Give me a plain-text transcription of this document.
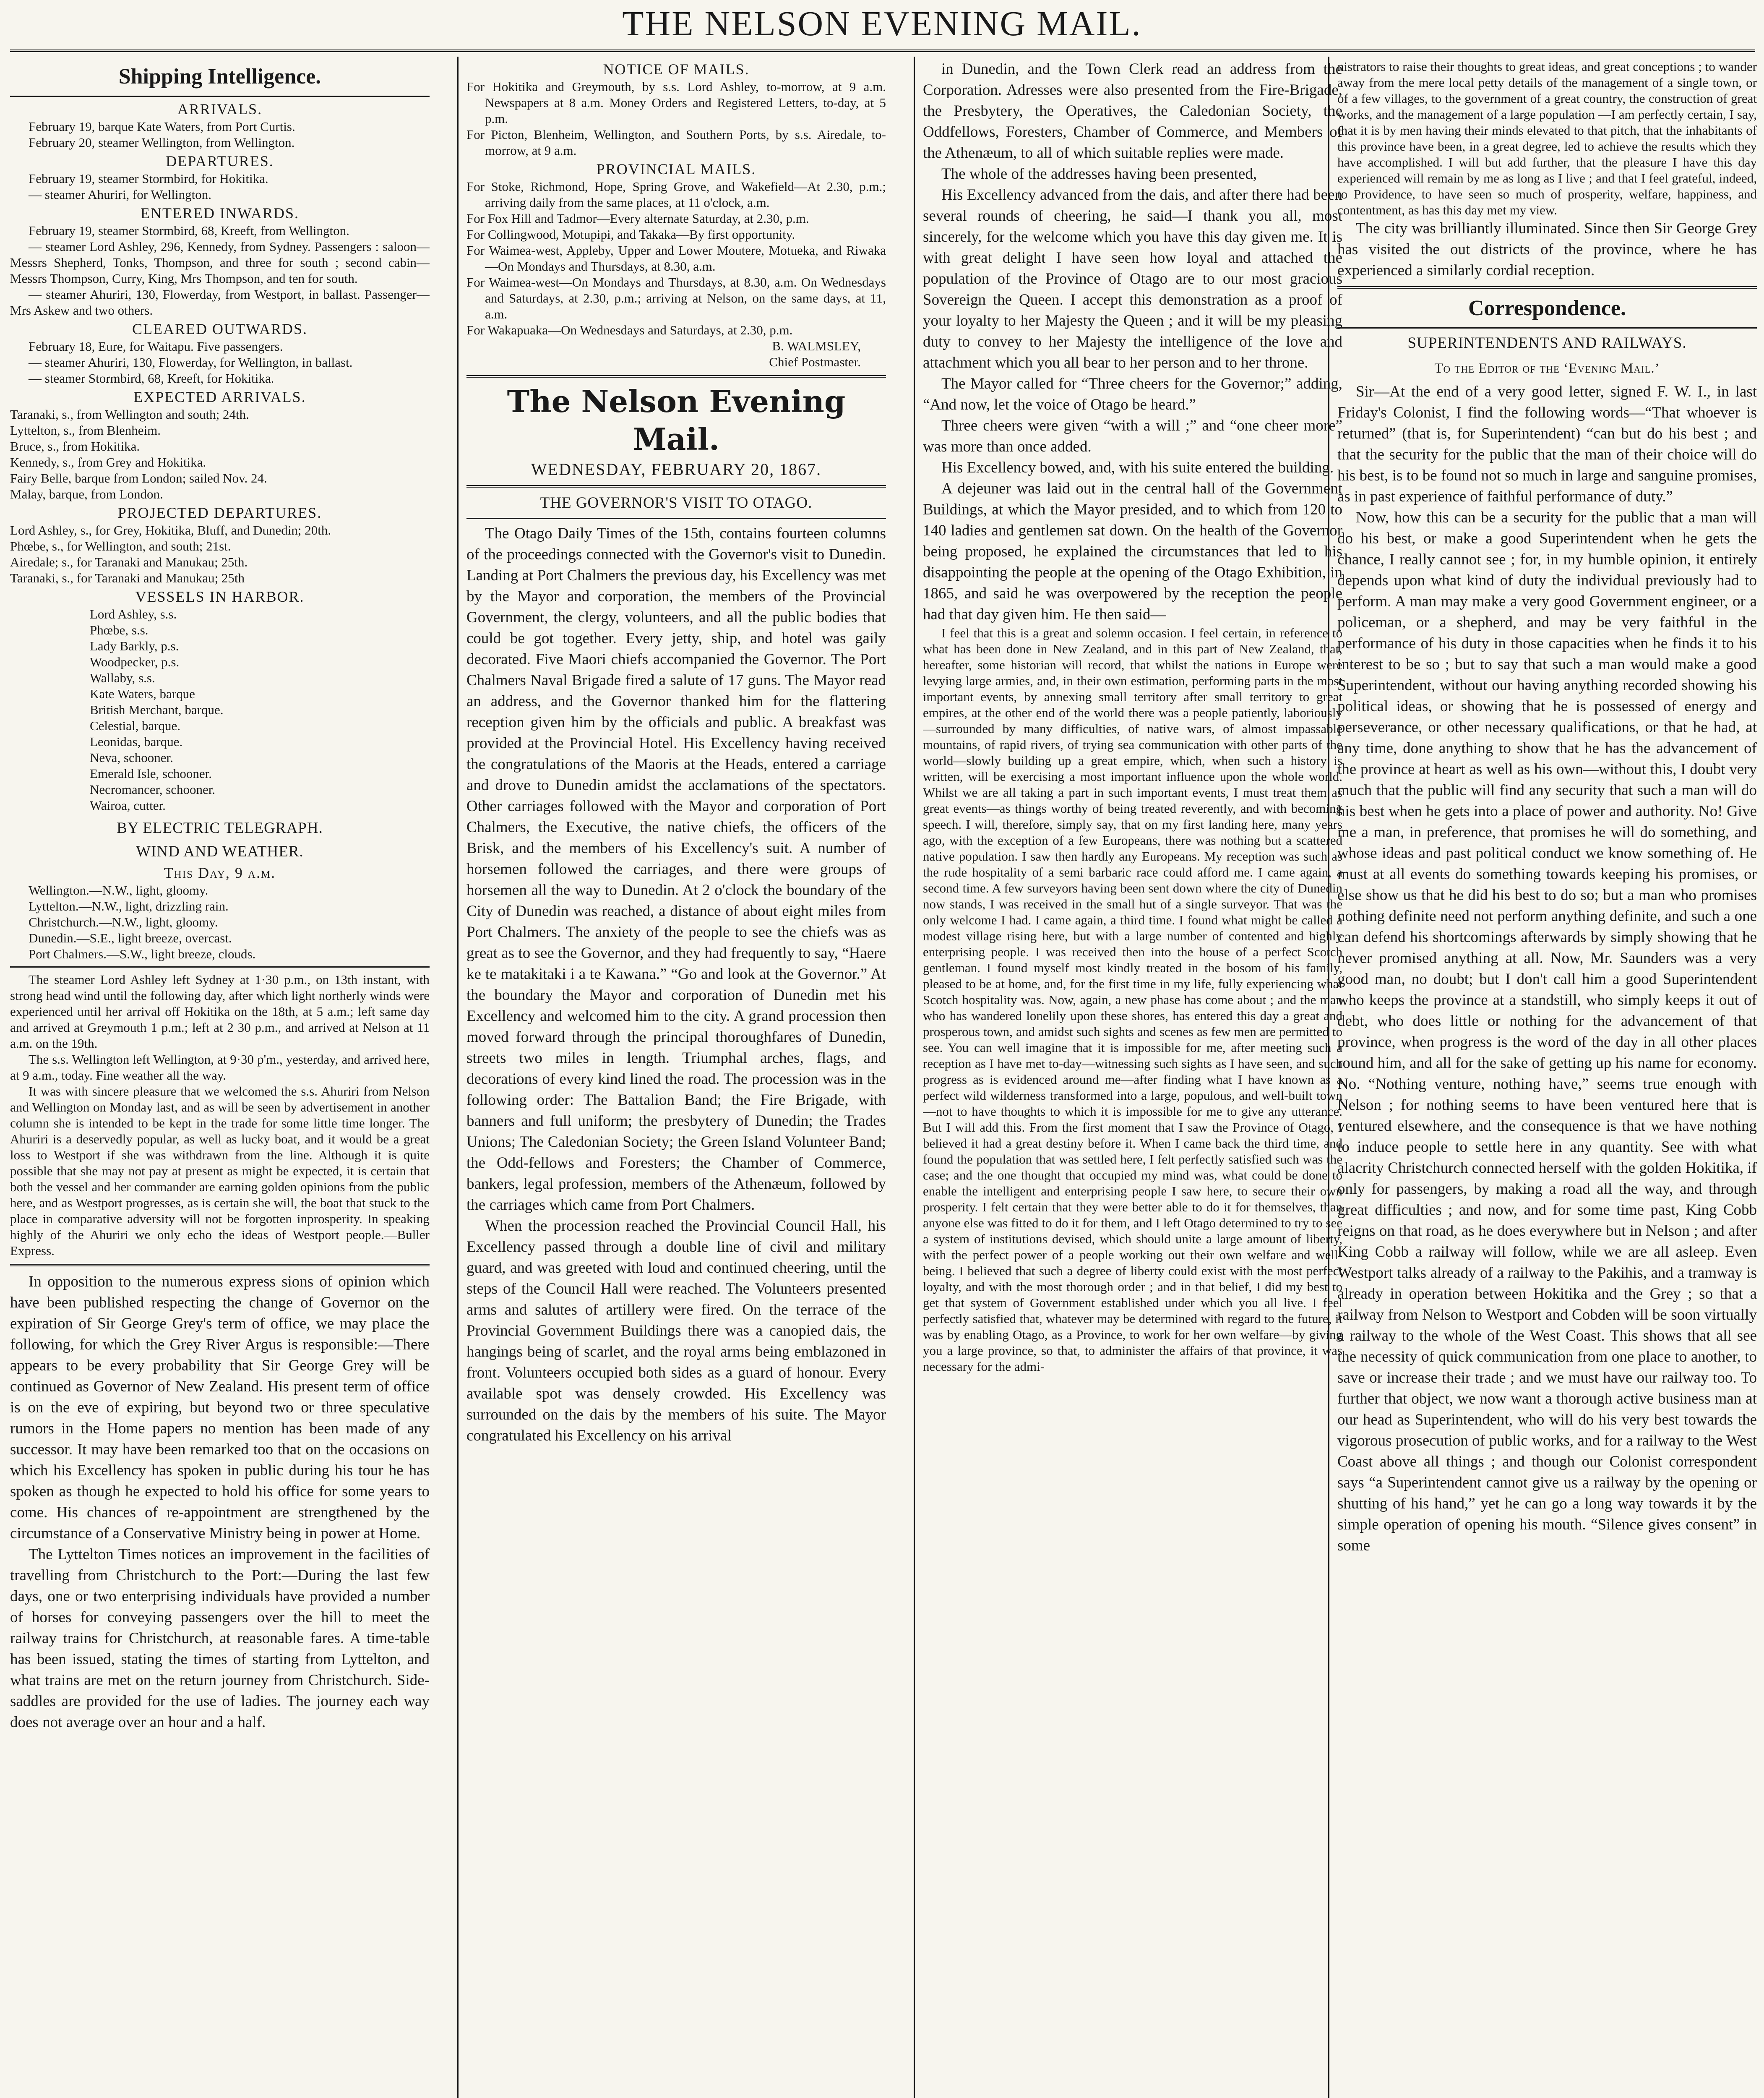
THE NELSON EVENING MAIL.
Shipping Intelligence.
ARRIVALS.

February 19, barque Kate Waters, from Port Curtis.

February 20, steamer Wellington, from Wellington.

DEPARTURES.

February 19, steamer Stormbird, for Hokitika.

— steamer Ahuriri, for Wellington.

ENTERED INWARDS.

February 19, steamer Stormbird, 68, Kreeft, from Wellington.

— steamer Lord Ashley, 296, Kennedy, from Sydney. Passengers : saloon—Messrs Shepherd, Tonks, Thompson, and three for south ; second cabin—Messrs Thompson, Curry, King, Mrs Thompson, and ten for south.

— steamer Ahuriri, 130, Flowerday, from Westport, in ballast. Passenger—Mrs Askew and two others.

CLEARED OUTWARDS.

February 18, Eure, for Waitapu. Five passengers.

— steamer Ahuriri, 130, Flowerday, for Wellington, in ballast.

— steamer Stormbird, 68, Kreeft, for Hokitika.

EXPECTED ARRIVALS.

Taranaki, s., from Wellington and south; 24th.

Lyttelton, s., from Blenheim.

Bruce, s., from Hokitika.

Kennedy, s., from Grey and Hokitika.

Fairy Belle, barque from London; sailed Nov. 24.

Malay, barque, from London.

PROJECTED DEPARTURES.

Lord Ashley, s., for Grey, Hokitika, Bluff, and Dunedin; 20th.

Phœbe, s., for Wellington, and south; 21st.

Airedale; s., for Taranaki and Manukau; 25th.

Taranaki, s., for Taranaki and Manukau; 25th

VESSELS IN HARBOR.
Lord Ashley, s.s.
Phœbe, s.s.
Lady Barkly, p.s.
Woodpecker, p.s.
Wallaby, s.s.
Kate Waters, barque
British Merchant, barque.
Celestial, barque.
Leonidas, barque.
Neva, schooner.
Emerald Isle, schooner.
Necromancer, schooner.
Wairoa, cutter.
BY ELECTRIC TELEGRAPH.
WIND AND WEATHER.
This Day, 9 a.m.

Wellington.—N.W., light, gloomy.

Lyttelton.—N.W., light, drizzling rain.

Christchurch.—N.W., light, gloomy.

Dunedin.—S.E., light breeze, overcast.

Port Chalmers.—S.W., light breeze, clouds.

The steamer Lord Ashley left Sydney at 1·30 p.m., on 13th instant, with strong head wind until the following day, after which light northerly winds were experienced until her arrival off Hokitika on the 18th, at 5 a.m.; left same day and arrived at Greymouth 1 p.m.; left at 2 30 p.m., and arrived at Nelson at 11 a.m. on the 19th.

The s.s. Wellington left Wellington, at 9·30 p'm., yesterday, and arrived here, at 9 a.m., today. Fine weather all the way.

It was with sincere pleasure that we welcomed the s.s. Ahuriri from Nelson and Wellington on Monday last, and as will be seen by advertisement in another column she is intended to be kept in the trade for some little time longer. The Ahuriri is a deservedly popular, as well as lucky boat, and it would be a great loss to Westport if she was withdrawn from the line. Although it is quite possible that she may not pay at present as might be expected, it is certain that both the vessel and her commander are earning golden opinions from the public here, and as Westport progresses, as is certain she will, the boat that stuck to the place in comparative adversity will not be forgotten inprosperity. In speaking highly of the Ahuriri we only echo the ideas of Westport people.—Buller Express.

In opposition to the numerous express sions of opinion which have been published respecting the change of Governor on the expiration of Sir George Grey's term of office, we may place the following, for which the Grey River Argus is responsible:—There appears to be every probability that Sir George Grey will be continued as Governor of New Zealand. His present term of office is on the eve of expiring, but beyond two or three speculative rumors in the Home papers no mention has been made of any successor. It may have been remarked too that on the occasions on which his Excellency has spoken in public during his tour he has spoken as though he expected to hold his office for some years to come. His chances of re-appointment are strengthened by the circumstance of a Conservative Ministry being in power at Home.

The Lyttelton Times notices an improvement in the facilities of travelling from Christchurch to the Port:—During the last few days, one or two enterprising individuals have provided a number of horses for conveying passengers over the hill to meet the railway trains for Christchurch, at reasonable fares. A time-table has been issued, stating the times of starting from Lyttelton, and what trains are met on the return journey from Christchurch. Side-saddles are provided for the use of ladies. The journey each way does not average over an hour and a half.

NOTICE OF MAILS.

For Hokitika and Greymouth, by s.s. Lord Ashley, to-morrow, at 9 a.m. Newspapers at 8 a.m. Money Orders and Registered Letters, to-day, at 5 p.m.

For Picton, Blenheim, Wellington, and Southern Ports, by s.s. Airedale, to-morrow, at 9 a.m.

PROVINCIAL MAILS.

For Stoke, Richmond, Hope, Spring Grove, and Wakefield—At 2.30, p.m.; arriving daily from the same places, at 11 o'clock, a.m.

For Fox Hill and Tadmor—Every alternate Saturday, at 2.30, p.m.

For Collingwood, Motupipi, and Takaka—By first opportunity.

For Waimea-west, Appleby, Upper and Lower Moutere, Motueka, and Riwaka—On Mondays and Thursdays, at 8.30, a.m.

For Waimea-west—On Mondays and Thursdays, at 8.30, a.m. On Wednesdays and Saturdays, at 2.30, p.m.; arriving at Nelson, on the same days, at 11, a.m.

For Wakapuaka—On Wednesdays and Saturdays, at 2.30, p.m.

B. WALMSLEY,
Chief Postmaster.
The Nelson Evening Mail.
WEDNESDAY, FEBRUARY 20, 1867.
THE GOVERNOR'S VISIT TO OTAGO.

The Otago Daily Times of the 15th, contains fourteen columns of the proceedings connected with the Governor's visit to Dunedin. Landing at Port Chalmers the previous day, his Excellency was met by the Mayor and corporation, the members of the Provincial Government, the clergy, volunteers, and all the public bodies that could be got together. Every jetty, ship, and hotel was gaily decorated. Five Maori chiefs accompanied the Governor. The Port Chalmers Naval Brigade fired a salute of 17 guns. The Mayor read an address, and the Governor thanked him for the flattering reception given him by the officials and public. A breakfast was provided at the Provincial Hotel. His Excellency having received the congratulations of the Maoris at the Heads, entered a carriage and drove to Dunedin amidst the acclamations of the spectators. Other carriages followed with the Mayor and corporation of Port Chalmers, the Executive, the native chiefs, the officers of the Brisk, and the members of his Excellency's suit. A number of horsemen followed the carriages, and there were groups of horsemen all the way to Dunedin. At 2 o'clock the boundary of the City of Dunedin was reached, a distance of about eight miles from Port Chalmers. The anxiety of the people to see the chiefs was as great as to see the Governor, and they had frequently to say, “Haere ke te matakitaki i a te Kawana.” “Go and look at the Governor.” At the boundary the Mayor and corporation of Dunedin met his Excellency and welcomed him to the city. A grand procession then moved forward through the principal thoroughfares of Dunedin, streets two miles in length. Triumphal arches, flags, and decorations of every kind lined the road. The procession was in the following order: The Battalion Band; the Fire Brigade, with banners and full uniform; the presbytery of Dunedin; the Trades Unions; The Caledonian Society; the Green Island Volunteer Band; the Odd-fellows and Foresters; the Chamber of Commerce, bankers, legal profession, members of the Athenæum, followed by the carriages which came from Port Chalmers.

When the procession reached the Provincial Council Hall, his Excellency passed through a double line of civil and military guard, and was greeted with loud and continued cheering, until the steps of the Council Hall were reached. The Volunteers presented arms and salutes of artillery were fired. On the terrace of the Provincial Government Buildings there was a canopied dais, the hangings being of scarlet, and the royal arms being emblazoned in front. Volunteers occupied both sides as a guard of honour. Every available spot was densely crowded. His Excellency was surrounded on the dais by the members of his suite. The Mayor congratulated his Excellency on his arrival

in Dunedin, and the Town Clerk read an address from the Corporation. Adresses were also presented from the Fire-Brigade, the Presbytery, the Operatives, the Caledonian Society, the Oddfellows, Foresters, Chamber of Commerce, and Members of the Athenæum, to all of which suitable replies were made.

The whole of the addresses having been presented,

His Excellency advanced from the dais, and after there had been several rounds of cheering, he said—I thank you all, most sincerely, for the welcome which you have this day given me. It is with great delight I have seen how loyal and attached the population of the Province of Otago are to our most gracious Sovereign the Queen. I accept this demonstration as a proof of your loyalty to her Majesty the Queen ; and it will be my pleasing duty to convey to her Majesty the intelligence of the love and attachment which you all bear to her person and to her throne.

The Mayor called for “Three cheers for the Governor;” adding, “And now, let the voice of Otago be heard.”

Three cheers were given “with a will ;” and “one cheer more” was more than once added.

His Excellency bowed, and, with his suite entered the building.

A dejeuner was laid out in the central hall of the Government Buildings, at which the Mayor presided, and to which from 120 to 140 ladies and gentlemen sat down. On the health of the Governor being proposed, he explained the circumstances that led to his disappointing the people at the opening of the Otago Exhibition, in 1865, and said he was overpowered by the reception the people had that day given him. He then said—

I feel that this is a great and solemn occasion. I feel certain, in reference to what has been done in New Zealand, and in this part of New Zealand, that, hereafter, some historian will record, that whilst the nations in Europe were levying large armies, and, in their own estimation, performing parts in the most important events, by annexing small territory after small territory to great empires, at the other end of the world there was a people patiently, laboriously—surrounded by many difficulties, of native wars, of almost impassable mountains, of rapid rivers, of trying sea communication with other parts of the world—slowly building up a great empire, which, when such a history is written, will be exercising a most important influence upon the whole world. Whilst we are all taking a part in such important events, I must treat them as great events—as things worthy of being treated reverently, and with becoming speech. I will, therefore, simply say, that on my first landing here, many years ago, with the exception of a few Europeans, there was nothing but a scattered native population. I saw then hardly any Europeans. My reception was such as the rude hospitality of a semi barbaric race could afford me. I came again, a second time. A few surveyors having been sent down where the city of Dunedin now stands, I was received in the small hut of a single surveyor. That was the only welcome I had. I came again, a third time. I found what might be called a modest village rising here, but with a large number of contented and highly enterprising people. I was received then into the house of a perfect Scotch gentleman. I found myself most kindly treated in the bosom of his family, pleased to be at home, and, for the first time in my life, fully experiencing what Scotch hospitality was. Now, again, a new phase has come about ; and the man who has wandered lonelily upon these shores, has entered this day a great and prosperous town, and amidst such sights and scenes as few men are permitted to see. You can well imagine that it is impossible for me, after meeting such a reception as I have met to-day—witnessing such sights as I have seen, and such progress as is evidenced around me—after finding what I have known as a perfect wild wilderness transformed into a large, populous, and well-built town—not to have thoughts to which it is impossible for me to give any utterance. But I will add this. From the first moment that I saw the Province of Otago, I believed it had a great destiny before it. When I came back the third time, and found the population that was settled here, I felt perfectly satisfied such was the case; and the one thought that occupied my mind was, what could be done to enable the intelligent and enterprising people I saw here, to secure their own prosperity. I felt certain that they were better able to do it for themselves, than anyone else was fitted to do it for them, and I left Otago determined to try to see a system of institutions devised, which should unite a large amount of liberty, with the perfect power of a people working out their own welfare and well-being. I believed that such a degree of liberty could exist with the most perfect loyalty, and with the most thorough order ; and in that belief, I did my best to get that system of Government established under which you all live. I feel perfectly satisfied that, whatever may be determined with regard to the future, it was by enabling Otago, as a Province, to work for her own welfare—by giving you a large province, so that, to administer the affairs of that province, it was necessary for the admi-

nistrators to raise their thoughts to great ideas, and great conceptions ; to wander away from the mere local petty details of the management of a single town, or of a few villages, to the government of a great country, the construction of great works, and the management of a large population —I am perfectly certain, I say, that it is by men having their minds elevated to that pitch, that the inhabitants of this province have been, in a great degree, led to achieve the results which they have accomplished. I will but add further, that the pleasure I have this day experienced will remain by me as long as I live ; and that I feel grateful, indeed, to Providence, to have seen so much of prosperity, welfare, happiness, and contentment, as has this day met my view.

The city was brilliantly illuminated. Since then Sir George Grey has visited the out districts of the province, where he has experienced a similarly cordial reception.

Correspondence.
SUPERINTENDENTS AND RAILWAYS.
To the Editor of the ‘Evening Mail.’

Sir—At the end of a very good letter, signed F. W. I., in last Friday's Colonist, I find the following words—“That whoever is returned” (that is, for Superintendent) “can but do his best ; and that the security for the public that the man of their choice will do his best, is to be found not so much in large and sanguine promises, as in past experience of faithful performance of duty.”

Now, how this can be a security for the public that a man will do his best, or make a good Superintendent when he gets the chance, I really cannot see ; for, in my humble opinion, it entirely depends upon what kind of duty the individual previously had to perform. A man may make a very good Government engineer, or a policeman, or a shepherd, and may be very faithful in the performance of his duty in those capacities when he finds it to his interest to be so ; but to say that such a man would make a good Superintendent, without our having anything recorded showing his political ideas, or showing that he is possessed of energy and perseverance, or other necessary qualifications, or that he had, at any time, done anything to show that he has the advancement of the province at heart as well as his own—without this, I doubt very much that the public will find any security that such a man will do his best when he gets into a place of power and authority. No! Give me a man, in preference, that promises he will do something, and whose ideas and past political conduct we know something of. He must at all events do something towards keeping his promises, or else show us that he did his best to do so; but a man who promises nothing definite need not perform anything definite, and such a one can defend his shortcomings afterwards by simply showing that he never promised anything at all. Now, Mr. Saunders was a very good man, no doubt; but I don't call him a good Superintendent who keeps the province at a standstill, who simply keeps it out of debt, who does little or nothing for the advancement of that province, when progress is the word of the day in all other places round him, and all for the sake of getting up his name for economy. No. “Nothing venture, nothing have,” seems true enough with Nelson ; for nothing seems to have been ventured here that is ventured elsewhere, and the consequence is that we have nothing to induce people to settle here in any quantity. See with what alacrity Christchurch connected herself with the golden Hokitika, if only for passengers, by making a road all the way, and through great difficulties ; and now, and for some time past, King Cobb reigns on that road, as he does everywhere but in Nelson ; and after King Cobb a railway will follow, while we are all asleep. Even Westport talks already of a railway to the Pakihis, and a tramway is already in operation between Hokitika and the Grey ; so that a railway from Nelson to Westport and Cobden will be soon virtually a railway to the whole of the West Coast. This shows that all see the necessity of quick communication from one place to another, to save or increase their trade ; and we must have our railway too. To further that object, we now want a thorough active business man at our head as Superintendent, who will do his very best towards the vigorous prosecution of public works, and for a railway to the West Coast above all things ; and though our Colonist correspondent says “a Superintendent cannot give us a railway by the opening or shutting of his hand,” yet he can go a long way towards it by the simple operation of opening his mouth. “Silence gives consent” in some
